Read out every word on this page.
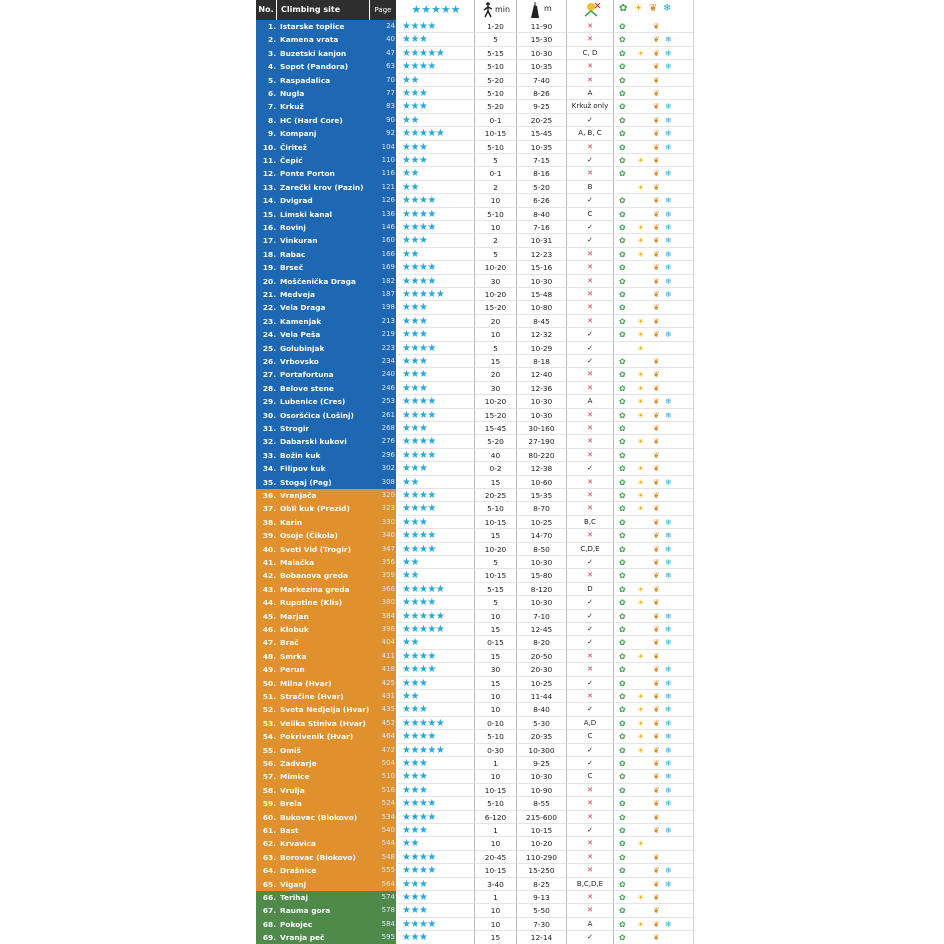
No. Climbing site	Page	★★★★★	min	m	✿ ☀ ❦ ❄
1. Istarske toplice	24 ★★★★	1-20	11-90	✕	✿	❦
2. Kamena vrata	40 ★★★	5	15-30	✕	✿	❦ ❄
3. Buzetski kanjon	47 ★★★★★	5-15	10-30	C, D	✿ ☀ ❦ ❄
4. Sopot (Pandora)	63 ★★★★	5-10	10-35	✕	✿	❦ ❄
5. Raspadalica	70 ★★	5-20	7-40	✕	✿	❦
6. Nugla	77 ★★★	5-10	8-26	A	✿	❦
7. Krkuž	83 ★★★	5-20	9-25	Krkuž only	✿	❦ ❄
8. HC (Hard Core)	90 ★★	0-1	20-25	✓	✿	❦ ❄
9. Kompanj	92 ★★★★★	10-15	15-45	A, B, C	✿	❦ ❄
10. Čiritež	104 ★★★	5-10	10-35	✕	✿	❦ ❄
11. Čepić	110 ★★★	5	7-15	✓	✿ ☀ ❦
12. Ponte Porton	116 ★★	0-1	8-16	✕	✿	❦ ❄
13. Zarečki krov (Pazin)	121 ★★	2	5-20	B	☀ ❦
14. Dvigrad	126 ★★★★	10	6-26	✓	✿	❦ ❄
15. Limski kanal	136 ★★★★	5-10	8-40	C	✿	❦ ❄
16. Rovinj	146 ★★★★	10	7-16	✓	✿ ☀ ❦ ❄
17. Vinkuran	160 ★★★	2	10-31	✓	✿ ☀ ❦ ❄
18. Rabac	166 ★★	5	12-23	✕	✿ ☀ ❦ ❄
19. Brseč	169 ★★★★	10-20	15-16	✕	✿	❦ ❄
20. Moščenička Draga	182 ★★★★	30	10-30	✕	✿	❦ ❄
21. Medveja	187 ★★★★★	10-20	15-48	✕	✿	❦ ❄
22. Vela Draga	198 ★★★	15-20	10-80	✕	✿	❦
23. Kamenjak	213 ★★★	20	8-45	✕	✿ ☀ ❦
24. Vela Peša	219 ★★★	10	12-32	✓	✿ ☀ ❦ ❄
25. Golubinjak	223 ★★★★	5	10-29	✓	☀
26. Vrbovsko	234 ★★★	15	8-18	✓	✿	❦
27. Portafortuna	240 ★★★	20	12-40	✕	✿ ☀ ❦
28. Belove stene	246 ★★★	30	12-36	✕	✿ ☀ ❦
29. Lubenice (Cres)	253 ★★★★	10-20	10-30	A	✿ ☀ ❦ ❄
30. Osoršćica (Lošinj)	261 ★★★★	15-20	10-30	✕	✿ ☀ ❦ ❄
31. Strogir	268 ★★★	15-45	30-160	✕	✿	❦
32. Dabarski kukovi	276 ★★★★	5-20	27-190	✕	✿ ☀ ❦
33. Božin kuk	296 ★★★★	40	80-220	✕	✿	❦
34. Filipov kuk	302 ★★★	0-2	12-38	✓	✿ ☀ ❦
35. Stogaj (Pag)	308 ★★	15	10-60	✕	✿ ☀ ❦ ❄
36. Vranjača	320 ★★★★	20-25	15-35	✕	✿ ☀ ❦
37. Obli kuk (Prezid)	323 ★★★★	5-10	8-70	✕	✿ ☀ ❦
38. Karin	330 ★★★	10-15	10-25	B,C	✿	❦ ❄
39. Osoje (Čikola)	340 ★★★★	15	14-70	✕	✿	❦ ❄
40. Sveti Vid (Trogir)	347 ★★★★	10-20	8-50	C,D,E	✿	❦ ❄
41. Malačka	356 ★★	5	10-30	✓	✿	❦ ❄
42. Bobanova greda	359 ★★	10-15	15-80	✕	✿	❦ ❄
43. Markezina greda	366 ★★★★★	5-15	8-120	D	✿ ☀ ❦
44. Rupotine (Klis)	380 ★★★★	5	10-30	✓	✿ ☀ ❦
45. Marjan	384 ★★★★★	10	7-10	✓	✿	❦ ❄
46. Klobuk	396 ★★★★★	15	12-45	✓	✿	❦ ❄
47. Brač	404 ★★	0-15	8-20	✓	✿	❦ ❄
48. Smrka	411 ★★★★	15	20-50	✕	✿ ☀ ❦
49. Perun	418 ★★★★	30	20-30	✕	✿	❦ ❄
50. Milna (Hvar)	425 ★★★	15	10-25	✓	✿	❦ ❄
51. Stračine (Hvar)	431 ★★	10	11-44	✕	✿ ☀ ❦ ❄
52. Sveta Nedjelja (Hvar)	435 ★★★	10	8-40	✓	✿ ☀ ❦ ❄
53. Velika Stiniva (Hvar)	452 ★★★★★	0-10	5-30	A,D	✿ ☀ ❦ ❄
54. Pokrivenik (Hvar)	464 ★★★★	5-10	20-35	C	✿ ☀ ❦ ❄
55. Omiš	472 ★★★★★	0-30	10-300	✓	✿ ☀ ❦ ❄
56. Zadvarje	504 ★★★	1	9-25	✓	✿	❦ ❄
57. Mimice	510 ★★★	10	10-30	C	✿	❦ ❄
58. Vrulja	516 ★★★	10-15	10-90	✕	✿	❦ ❄
59. Brela	524 ★★★★	5-10	8-55	✕	✿	❦ ❄
60. Bukovac (Biokovo)	534 ★★★★	6-120	215-600	✕	✿	❦
61. Bast	540 ★★★	1	10-15	✓	✿	❦ ❄
62. Krvavica	544 ★★	10	10-20	✕	✿ ☀
63. Borovac (Biokovo)	548 ★★★★	20-45	110-290	✕	✿	❦
64. Drašnice	555 ★★★★	10-15	15-250	✕	✿	❦ ❄
65. Viganj	564 ★★★	3-40	8-25	B,C,D,E	✿	❦ ❄
66. Terihaj	574 ★★★	1	9-13	✕	✿ ☀ ❦
67. Rauma gora	578 ★★★	10	5-50	✕	✿	❦
68. Pokojec	584 ★★★★	10	7-30	A	✿ ☀ ❦ ❄
69. Vranja peč	595 ★★★	15	12-14	✓	✿	❦
